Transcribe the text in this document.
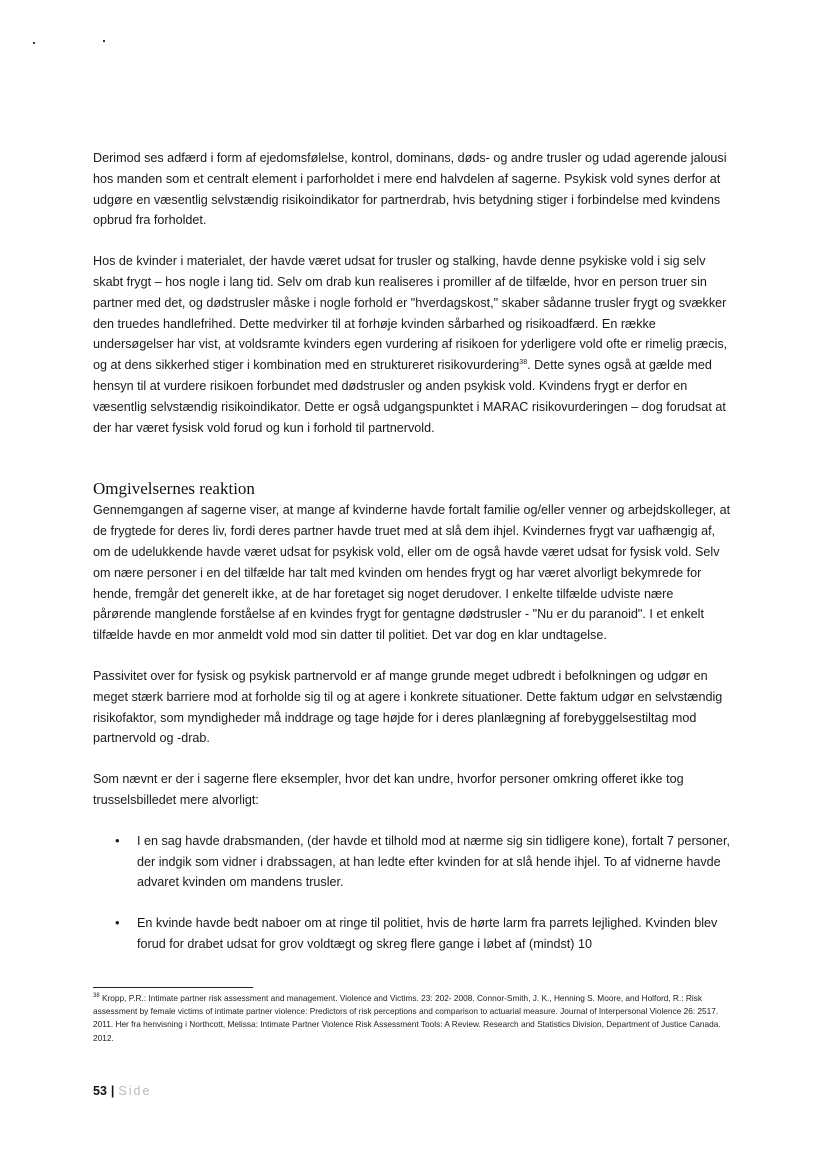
Derimod ses adfærd i form af ejedomsfølelse, kontrol, dominans, døds- og andre trusler og udad agerende jalousi hos manden som et centralt element i parforholdet i mere end halvdelen af sagerne. Psykisk vold synes derfor at udgøre en væsentlig selvstændig risikoindikator for partnerdrab, hvis betydning stiger i forbindelse med kvindens opbrud fra forholdet.

Hos de kvinder i materialet, der havde været udsat for trusler og stalking, havde denne psykiske vold i sig selv skabt frygt – hos nogle i lang tid. Selv om drab kun realiseres i promiller af de tilfælde, hvor en person truer sin partner med det, og dødstrusler måske i nogle forhold er "hverdagskost," skaber sådanne trusler frygt og svækker den truedes handlefrihed. Dette medvirker til at forhøje kvinden sårbarhed og risikoadfærd. En række undersøgelser har vist, at voldsramte kvinders egen vurdering af risikoen for yderligere vold ofte er rimelig præcis, og at dens sikkerhed stiger i kombination med en struktureret risikovurdering$^{38}$. Dette synes også at gælde med hensyn til at vurdere risikoen forbundet med dødstrusler og anden psykisk vold. Kvindens frygt er derfor en væsentlig selvstændig risikoindikator. Dette er også udgangspunktet i MARAC risikovurderingen – dog forudsat at der har været fysisk vold forud og kun i forhold til partnervold.

Omgivelsernes reaktion

Gennemgangen af sagerne viser, at mange af kvinderne havde fortalt familie og/eller venner og arbejdskolleger, at de frygtede for deres liv, fordi deres partner havde truet med at slå dem ihjel. Kvindernes frygt var uafhængig af, om de udelukkende havde været udsat for psykisk vold, eller om de også havde været udsat for fysisk vold. Selv om nære personer i en del tilfælde har talt med kvinden om hendes frygt og har været alvorligt bekymrede for hende, fremgår det generelt ikke, at de har foretaget sig noget derudover. I enkelte tilfælde udviste nære pårørende manglende forståelse af en kvindes frygt for gentagne dødstrusler - "Nu er du paranoid". I et enkelt tilfælde havde en mor anmeldt vold mod sin datter til politiet. Det var dog en klar undtagelse.

Passivitet over for fysisk og psykisk partnervold er af mange grunde meget udbredt i befolkningen og udgør en meget stærk barriere mod at forholde sig til og at agere i konkrete situationer. Dette faktum udgør en selvstændig risikofaktor, som myndigheder må inddrage og tage højde for i deres planlægning af forebyggelsestiltag mod partnervold og -drab.

Som nævnt er der i sagerne flere eksempler, hvor det kan undre, hvorfor personer omkring offeret ikke tog trusselsbilledet mere alvorligt:

• I en sag havde drabsmanden, (der havde et tilhold mod at nærme sig sin tidligere kone), fortalt 7 personer, der indgik som vidner i drabssagen, at han ledte efter kvinden for at slå hende ihjel. To af vidnerne havde advaret kvinden om mandens trusler.
• En kvinde havde bedt naboer om at ringe til politiet, hvis de hørte larm fra parrets lejlighed. Kvinden blev forud for drabet udsat for grov voldtægt og skreg flere gange i løbet af (mindst) 10
$^{38}$ Kropp, P.R.: Intimate partner risk assessment and management. Violence and Victims. 23: 202- 2008. Connor-Smith, J. K., Henning S. Moore, and Holford, R.: Risk assessment by female victims of intimate partner violence: Predictors of risk perceptions and comparison to actuarial measure. Journal of Interpersonal Violence 26: 2517. 2011. Her fra henvisning i Northcott, Melissa: Intimate Partner Violence Risk Assessment Tools: A Review. Research and Statistics Division, Department of Justice Canada. 2012.
53 | Side
